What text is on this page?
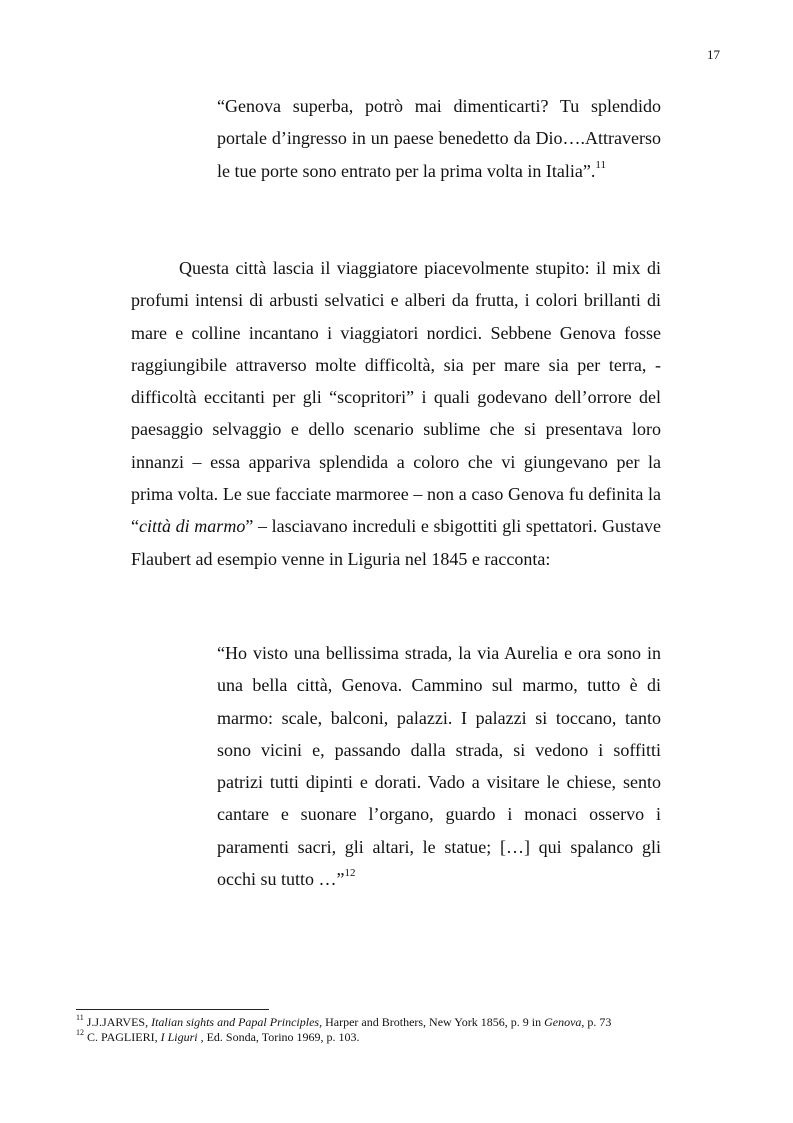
17
“Genova superba, potrò mai dimenticarti? Tu splendido portale d’ingresso in un paese benedetto da Dio….Attraverso le tue porte sono entrato per la prima volta in Italia”.$^{11}$
Questa città lascia il viaggiatore piacevolmente stupito: il mix di profumi intensi di arbusti selvatici e alberi da frutta, i colori brillanti di mare e colline incantano i viaggiatori nordici. Sebbene Genova fosse raggiungibile attraverso molte difficoltà, sia per mare sia per terra, - difficoltà eccitanti per gli “scopritori” i quali godevano dell’orrore del paesaggio selvaggio e dello scenario sublime che si presentava loro innanzi – essa appariva splendida a coloro che vi giungevano per la prima volta. Le sue facciate marmoree – non a caso Genova fu definita la “città di marmo” – lasciavano increduli e sbigottiti gli spettatori. Gustave Flaubert ad esempio venne in Liguria nel 1845 e racconta:
“Ho visto una bellissima strada, la via Aurelia e ora sono in una bella città, Genova. Cammino sul marmo, tutto è di marmo: scale, balconi, palazzi. I palazzi si toccano, tanto sono vicini e, passando dalla strada, si vedono i soffitti patrizi tutti dipinti e dorati. Vado a visitare le chiese, sento cantare e suonare l’organo, guardo i monaci osservo i paramenti sacri, gli altari, le statue; […] qui spalanco gli occhi su tutto …”$^{12}$
$^{11}$ J.J.JARVES, Italian sights and Papal Principles, Harper and Brothers, New York 1856, p. 9 in Genova, p. 73
$^{12}$ C. PAGLIERI, I Liguri , Ed. Sonda, Torino 1969, p. 103.
